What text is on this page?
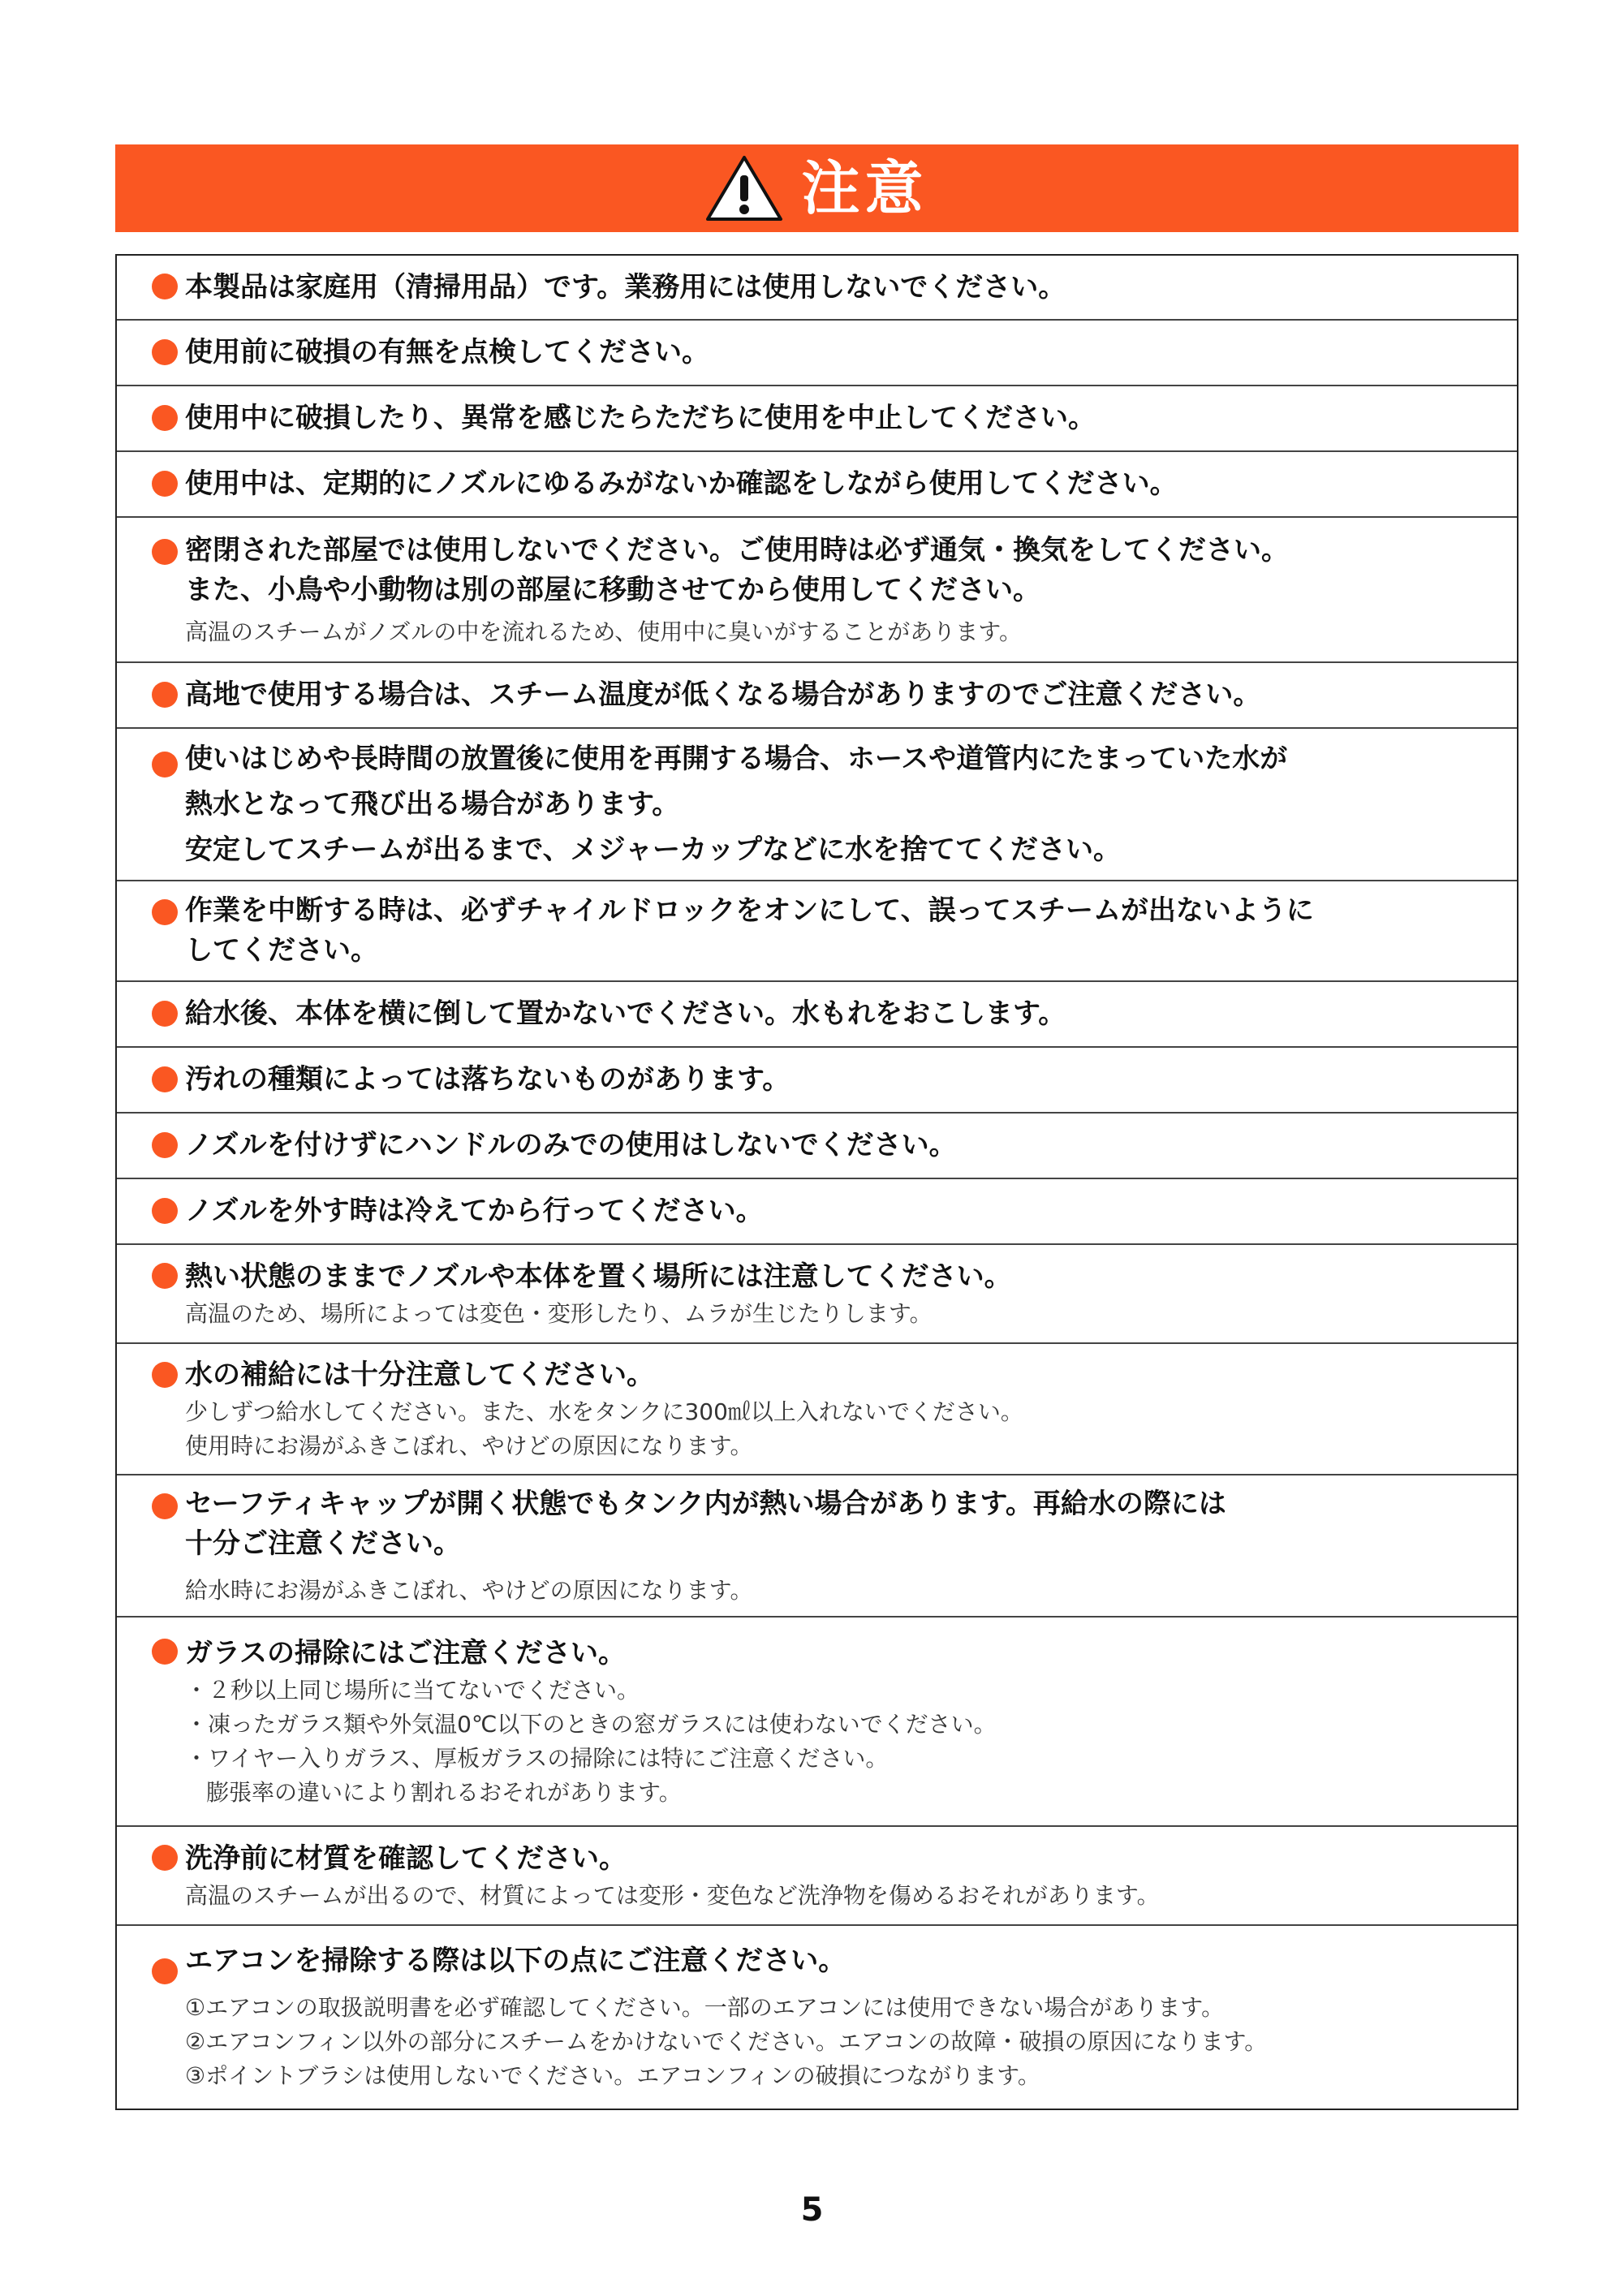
注意
本製品は家庭用（清掃用品）です。業務用には使用しないでください。
使用前に破損の有無を点検してください。
使用中に破損したり、異常を感じたらただちに使用を中止してください。
使用中は、定期的にノズルにゆるみがないか確認をしながら使用してください。
密閉された部屋では使用しないでください。ご使用時は必ず通気・換気をしてください。
また、小鳥や小動物は別の部屋に移動させてから使用してください。
高温のスチームがノズルの中を流れるため、使用中に臭いがすることがあります。
高地で使用する場合は、スチーム温度が低くなる場合がありますのでご注意ください。
使いはじめや長時間の放置後に使用を再開する場合、ホースや道管内にたまっていた水が
熱水となって飛び出る場合があります。
安定してスチームが出るまで、メジャーカップなどに水を捨ててください。
作業を中断する時は、必ずチャイルドロックをオンにして、誤ってスチームが出ないように
してください。
給水後、本体を横に倒して置かないでください。水もれをおこします。
汚れの種類によっては落ちないものがあります。
ノズルを付けずにハンドルのみでの使用はしないでください。
ノズルを外す時は冷えてから行ってください。
熱い状態のままでノズルや本体を置く場所には注意してください。
高温のため、場所によっては変色・変形したり、ムラが生じたりします。
水の補給には十分注意してください。
少しずつ給水してください。また、水をタンクに300㎖以上入れないでください。
使用時にお湯がふきこぼれ、やけどの原因になります。
セーフティキャップが開く状態でもタンク内が熱い場合があります。再給水の際には
十分ご注意ください。
給水時にお湯がふきこぼれ、やけどの原因になります。
ガラスの掃除にはご注意ください。
・２秒以上同じ場所に当てないでください。
・凍ったガラス類や外気温0℃以下のときの窓ガラスには使わないでください。
・ワイヤー入りガラス、厚板ガラスの掃除には特にご注意ください。
膨張率の違いにより割れるおそれがあります。
洗浄前に材質を確認してください。
高温のスチームが出るので、材質によっては変形・変色など洗浄物を傷めるおそれがあります。
エアコンを掃除する際は以下の点にご注意ください。
①エアコンの取扱説明書を必ず確認してください。一部のエアコンには使用できない場合があります。
②エアコンフィン以外の部分にスチームをかけないでください。エアコンの故障・破損の原因になります。
③ポイントブラシは使用しないでください。エアコンフィンの破損につながります。
5
